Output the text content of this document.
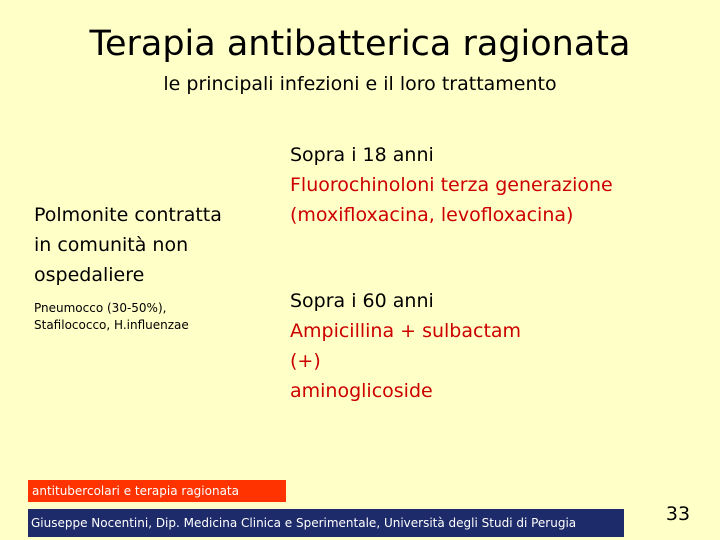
Terapia antibatterica ragionata
le principali infezioni e il loro trattamento
Polmonite contratta
in comunità non
ospedaliere
Pneumocco (30-50%),
Stafilococco, H.influenzae
Sopra i 18 anni
Fluorochinoloni terza generazione
(moxifloxacina, levofloxacina)
Sopra i 60 anni
Ampicillina + sulbactam
(+)
aminoglicoside
antitubercolari e terapia ragionata
Giuseppe Nocentini, Dip. Medicina Clinica e Sperimentale, Università degli Studi di Perugia	33
